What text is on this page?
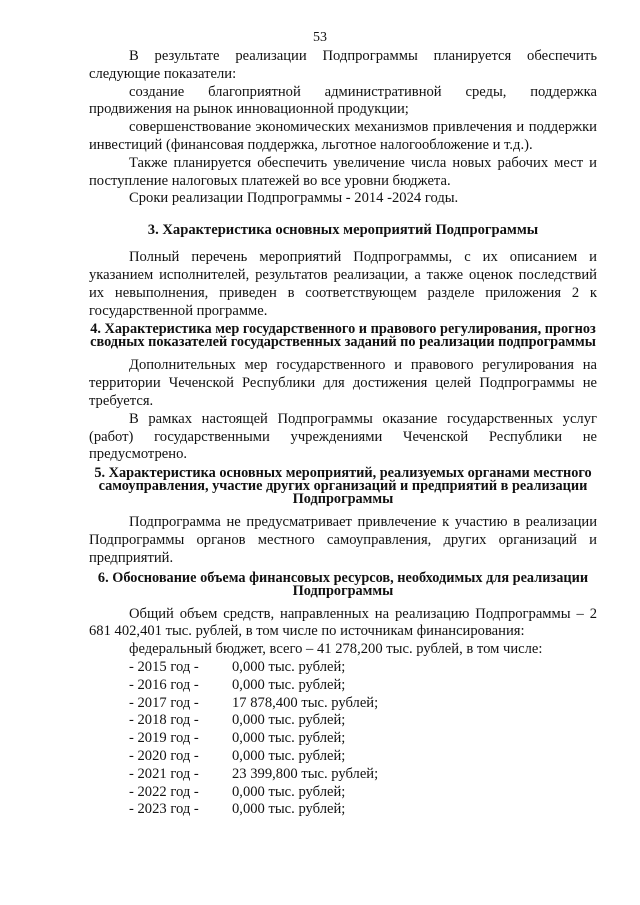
53

В результате реализации Подпрограммы планируется обеспечить следующие показатели:

создание благоприятной административной среды, поддержка продвижения на рынок инновационной продукции;

совершенствование экономических механизмов привлечения и поддержки инвестиций (финансовая поддержка, льготное налогообложение и т.д.).

Также планируется обеспечить увеличение числа новых рабочих мест и поступление налоговых платежей во все уровни бюджета.

Сроки реализации Подпрограммы - 2014 -2024 годы.

3. Характеристика основных мероприятий Подпрограммы

Полный перечень мероприятий Подпрограммы, с их описанием и указанием исполнителей, результатов реализации, а также оценок последствий их невыполнения, приведен в соответствующем разделе приложения 2 к государственной программе.

4. Характеристика мер государственного и правового регулирования, прогноз сводных показателей государственных заданий по реализации подпрограммы

Дополнительных мер государственного и правового регулирования на территории Чеченской Республики для достижения целей Подпрограммы не требуется.

В рамках настоящей Подпрограммы оказание государственных услуг (работ) государственными учреждениями Чеченской Республики не предусмотрено.

5. Характеристика основных мероприятий, реализуемых органами местного самоуправления, участие других организаций и предприятий в реализации Подпрограммы

Подпрограмма не предусматривает привлечение к участию в реализации Подпрограммы органов местного самоуправления, других организаций и предприятий.

6. Обоснование объема финансовых ресурсов, необходимых для реализации Подпрограммы

Общий объем средств, направленных на реализацию Подпрограммы – 2 681 402,401 тыс. рублей, в том числе по источникам финансирования:

федеральный бюджет, всего – 41 278,200 тыс. рублей, в том числе:

- 2015 год - 0,000 тыс. рублей;
- 2016 год - 0,000 тыс. рублей;
- 2017 год - 17 878,400 тыс. рублей;
- 2018 год - 0,000 тыс. рублей;
- 2019 год - 0,000 тыс. рублей;
- 2020 год - 0,000 тыс. рублей;
- 2021 год - 23 399,800 тыс. рублей;
- 2022 год - 0,000 тыс. рублей;
- 2023 год - 0,000 тыс. рублей;
